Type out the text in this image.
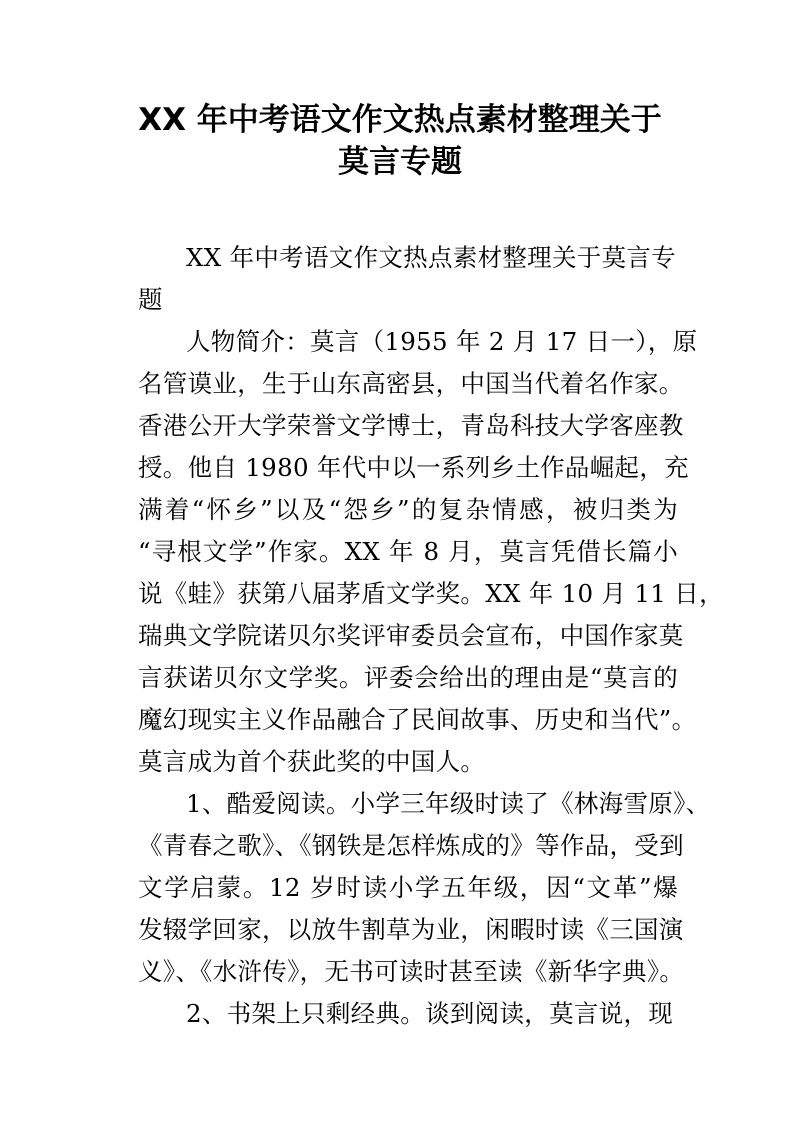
XX 年中考语文作文热点素材整理关于
莫言专题
XX 年中考语文作文热点素材整理关于莫言专
题
人物简介：莫言（1955 年 2 月 17 日一），原
名管谟业，生于山东高密县，中国当代着名作家。
香港公开大学荣誉文学博士，青岛科技大学客座教
授。他自 1980 年代中以一系列乡土作品崛起，充
满着“怀乡”以及“怨乡”的复杂情感，被归类为
“寻根文学”作家。XX 年 8 月，莫言凭借长篇小
说《蛙》获第八届茅盾文学奖。XX 年 10 月 11 日，
瑞典文学院诺贝尔奖评审委员会宣布，中国作家莫
言获诺贝尔文学奖。评委会给出的理由是“莫言的
魔幻现实主义作品融合了民间故事、历史和当代”。
莫言成为首个获此奖的中国人。
1、酷爱阅读。小学三年级时读了《林海雪原》、
《青春之歌》、《钢铁是怎样炼成的》等作品，受到
文学启蒙。12 岁时读小学五年级，因“文革”爆
发辍学回家，以放牛割草为业，闲暇时读《三国演
义》、《水浒传》，无书可读时甚至读《新华字典》。
2、书架上只剩经典。谈到阅读，莫言说，现
